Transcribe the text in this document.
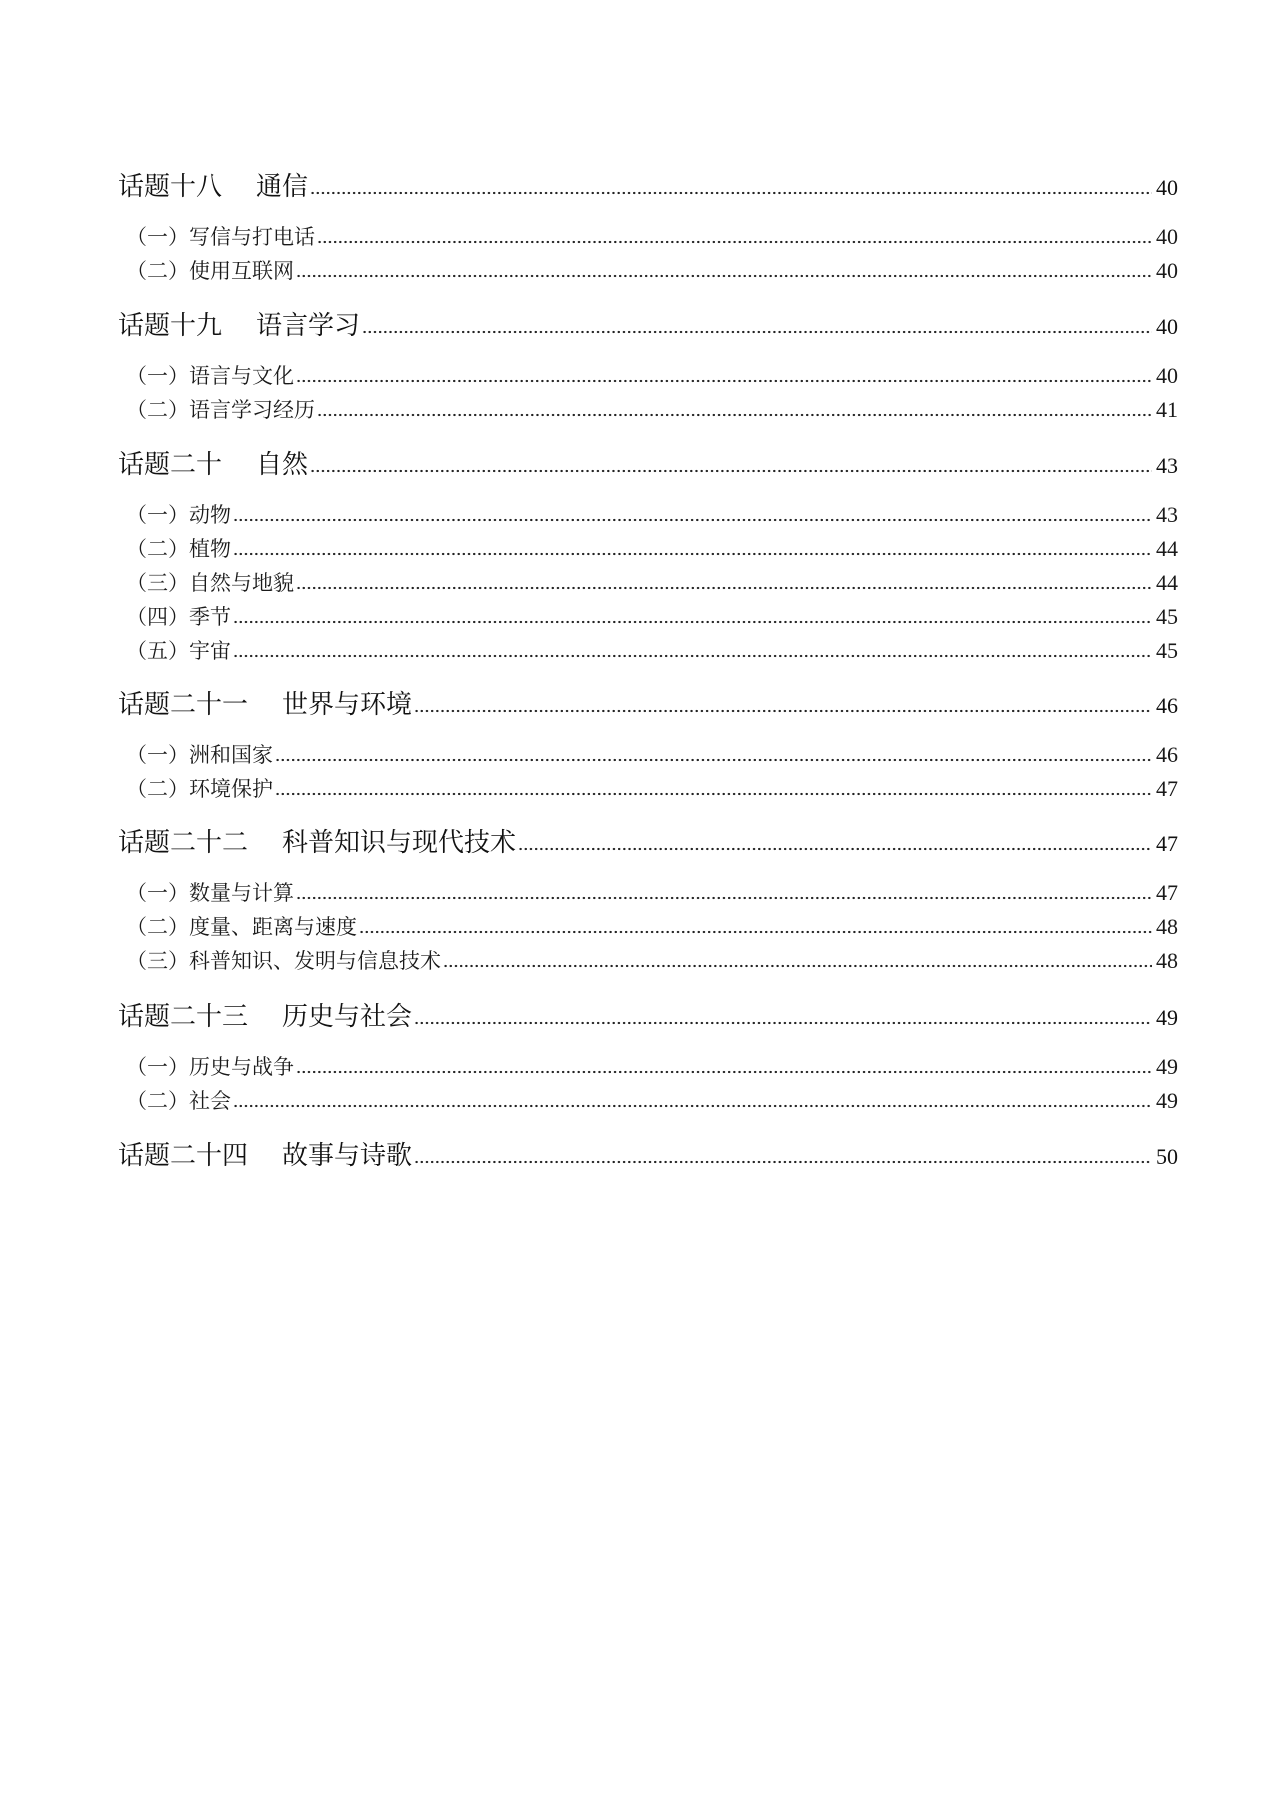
话题十八 通信	40
（一）写信与打电话	40
（二）使用互联网	40
话题十九 语言学习	40
（一）语言与文化	40
（二）语言学习经历	41
话题二十 自然	43
（一）动物	43
（二）植物	44
（三）自然与地貌	44
（四）季节	45
（五）宇宙	45
话题二十一 世界与环境	46
（一）洲和国家	46
（二）环境保护	47
话题二十二 科普知识与现代技术	47
（一）数量与计算	47
（二）度量、距离与速度	48
（三）科普知识、发明与信息技术	48
话题二十三 历史与社会	49
（一）历史与战争	49
（二）社会	49
话题二十四 故事与诗歌	50
